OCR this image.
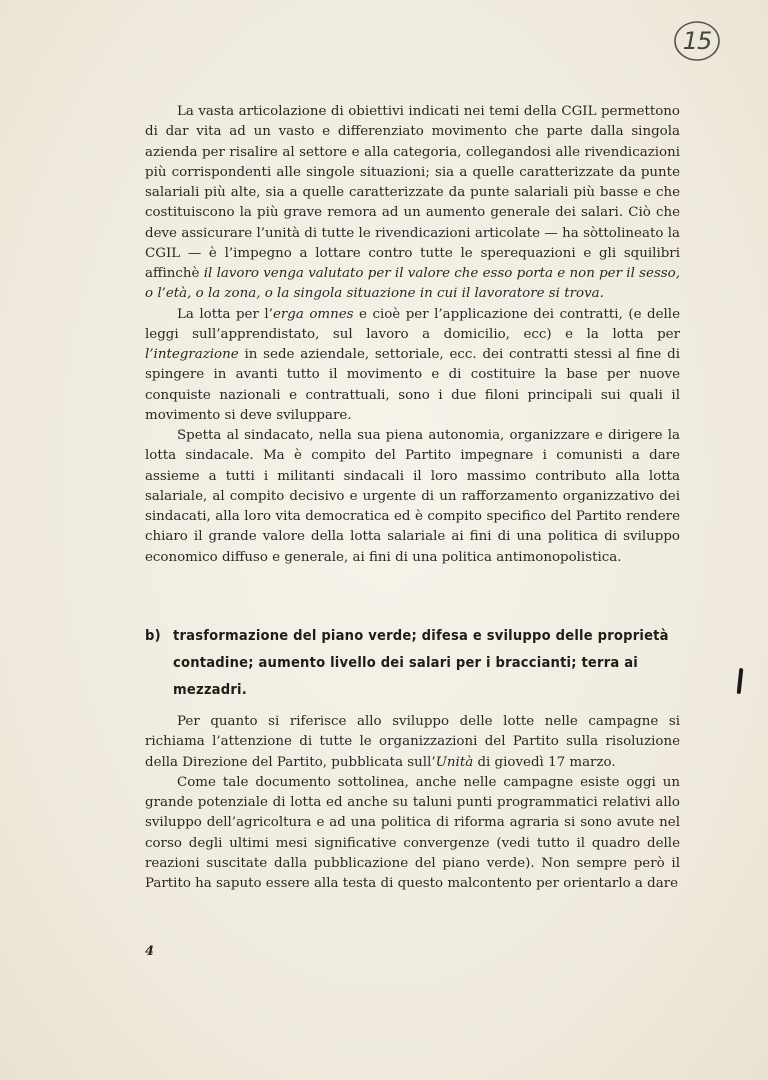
15

La vasta articolazione di obiettivi indicati nei temi della CGIL permettono di dar vita ad un vasto e differenziato movimento che parte dalla singola azienda per risalire al settore e alla categoria, collegandosi alle rivendicazioni più corrispondenti alle singole situazioni; sia a quelle caratterizzate da punte salariali più alte, sia a quelle caratterizzate da punte salariali più basse e che costituiscono la più grave remora ad un aumento generale dei salari. Ciò che deve assicurare l’unità di tutte le rivendicazioni articolate — ha sòttolineato la CGIL — è l’impegno a lottare contro tutte le sperequazioni e gli squilibri affinchè il lavoro venga valutato per il valore che esso porta e non per il sesso, o l’età, o la zona, o la singola situazione in cui il lavoratore si trova.

La lotta per l’erga omnes e cioè per l’applicazione dei contratti, (e delle leggi sull’apprendistato, sul lavoro a domicilio, ecc) e la lotta per l’integrazione in sede aziendale, settoriale, ecc. dei contratti stessi al fine di spingere in avanti tutto il movimento e di costituire la base per nuove conquiste nazionali e contrattuali, sono i due filoni principali sui quali il movimento si deve sviluppare.

Spetta al sindacato, nella sua piena autonomia, organizzare e dirigere la lotta sindacale. Ma è compito del Partito impegnare i comunisti a dare assieme a tutti i militanti sindacali il loro massimo contributo alla lotta salariale, al compito decisivo e urgente di un rafforzamento organizzativo dei sindacati, alla loro vita democratica ed è compito specifico del Partito rendere chiaro il grande valore della lotta salariale ai fini di una politica di sviluppo economico diffuso e generale, ai fini di una politica antimonopolistica.

b) trasformazione del piano verde; difesa e sviluppo delle proprietà contadine; aumento livello dei salari per i braccianti; terra ai mezzadri.

Per quanto si riferisce allo sviluppo delle lotte nelle campagne si richiama l’attenzione di tutte le organizzazioni del Partito sulla risoluzione della Direzione del Partito, pubblicata sull’Unità di giovedì 17 marzo.

Come tale documento sottolinea, anche nelle campagne esiste oggi un grande potenziale di lotta ed anche su taluni punti programmatici relativi allo sviluppo dell’agricoltura e ad una politica di riforma agraria si sono avute nel corso degli ultimi mesi significative convergenze (vedi tutto il quadro delle reazioni suscitate dalla pubblicazione del piano verde). Non sempre però il Partito ha saputo essere alla testa di questo malcontento per orientarlo a dare

4
